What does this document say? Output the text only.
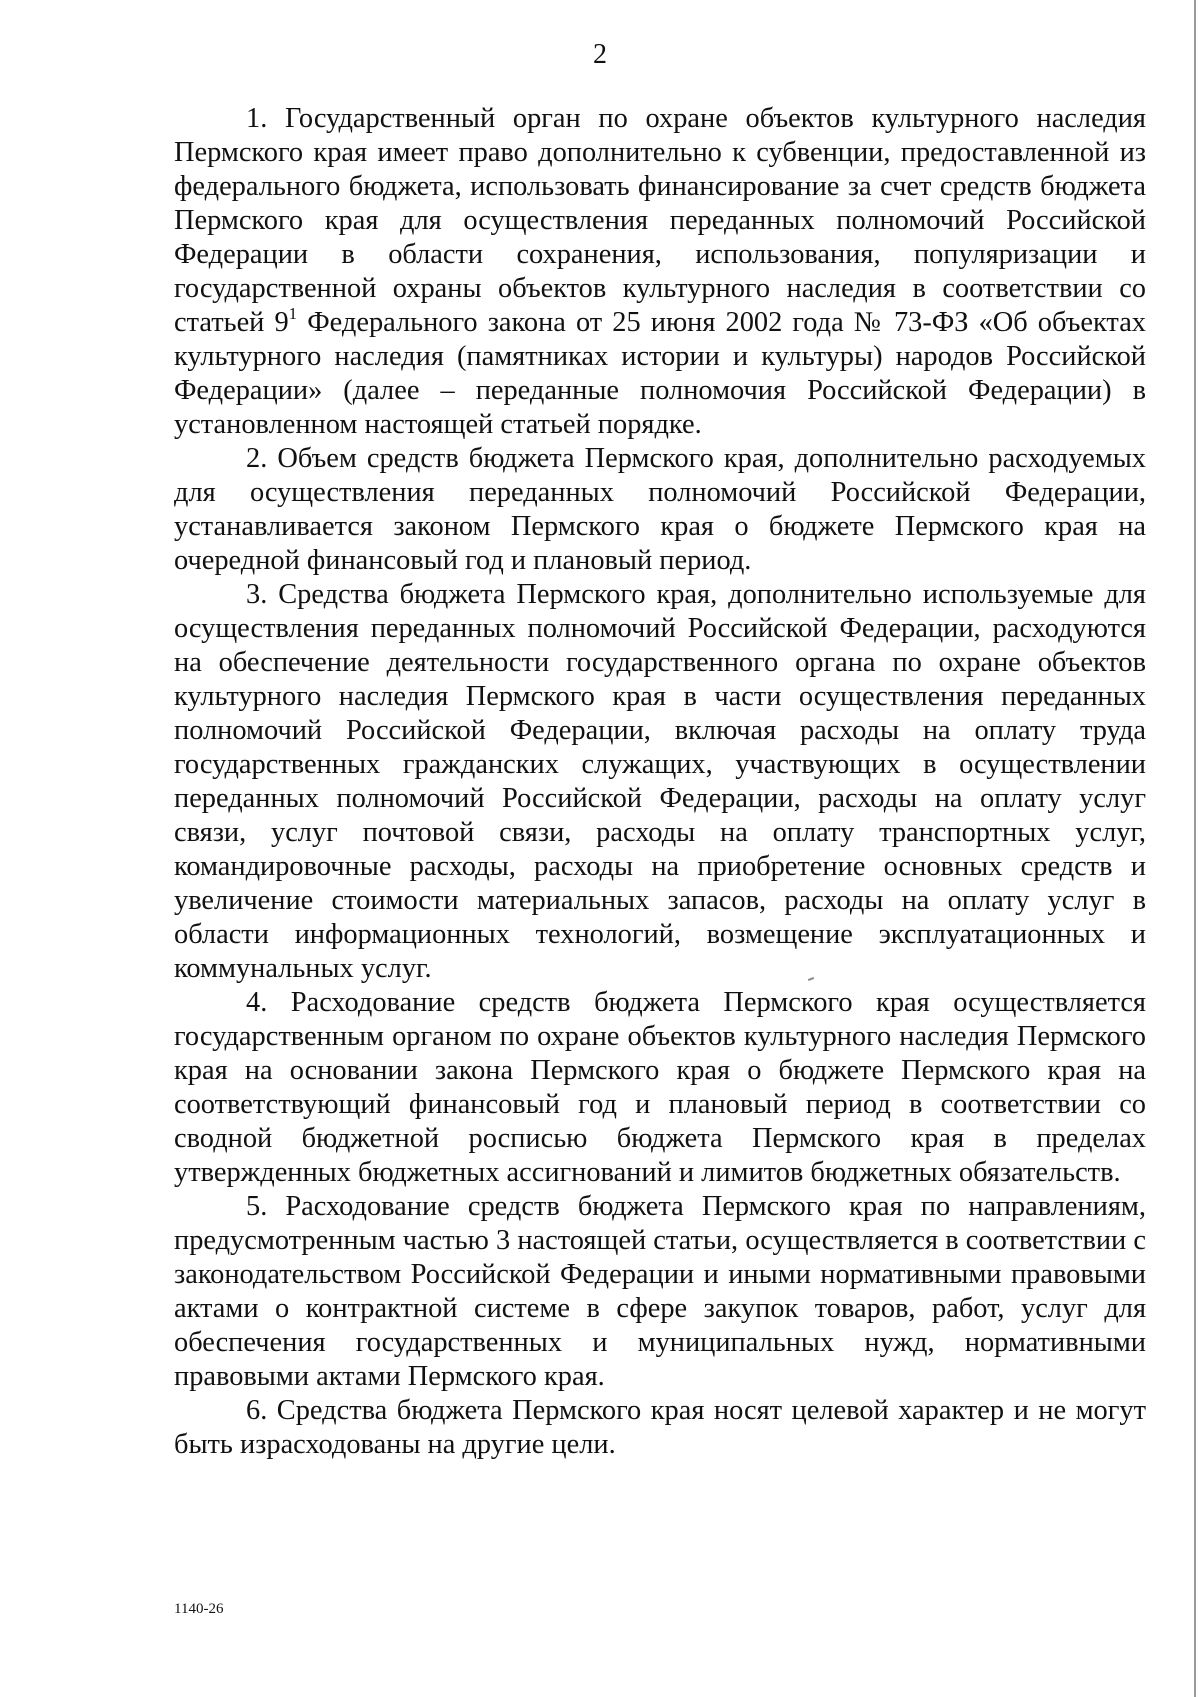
2

1. Государственный орган по охране объектов культурного наследия Пермского края имеет право дополнительно к субвенции, предоставленной из федерального бюджета, использовать финансирование за счет средств бюджета Пермского края для осуществления переданных полномочий Российской Федерации в области сохранения, использования, популяризации и государственной охраны объектов культурного наследия в соответствии со статьей $9^1$ Федерального закона от 25 июня 2002 года № 73-ФЗ «Об объектах культурного наследия (памятниках истории и культуры) народов Российской Федерации» (далее – переданные полномочия Российской Федерации) в установленном настоящей статьей порядке.

2. Объем средств бюджета Пермского края, дополнительно расходуемых для осуществления переданных полномочий Российской Федерации, устанавливается законом Пермского края о бюджете Пермского края на очередной финансовый год и плановый период.

3. Средства бюджета Пермского края, дополнительно используемые для осуществления переданных полномочий Российской Федерации, расходуются на обеспечение деятельности государственного органа по охране объектов культурного наследия Пермского края в части осуществления переданных полномочий Российской Федерации, включая расходы на оплату труда государственных гражданских служащих, участвующих в осуществлении переданных полномочий Российской Федерации, расходы на оплату услуг связи, услуг почтовой связи, расходы на оплату транспортных услуг, командировочные расходы, расходы на приобретение основных средств и увеличение стоимости материальных запасов, расходы на оплату услуг в области информационных технологий, возмещение эксплуатационных и коммунальных услуг.

4. Расходование средств бюджета Пермского края осуществляется государственным органом по охране объектов культурного наследия Пермского края на основании закона Пермского края о бюджете Пермского края на соответствующий финансовый год и плановый период в соответствии со сводной бюджетной росписью бюджета Пермского края в пределах утвержденных бюджетных ассигнований и лимитов бюджетных обязательств.

5. Расходование средств бюджета Пермского края по направлениям, предусмотренным частью 3 настоящей статьи, осуществляется в соответствии с законодательством Российской Федерации и иными нормативными правовыми актами о контрактной системе в сфере закупок товаров, работ, услуг для обеспечения государственных и муниципальных нужд, нормативными правовыми актами Пермского края.

6. Средства бюджета Пермского края носят целевой характер и не могут быть израсходованы на другие цели.

1140-26
